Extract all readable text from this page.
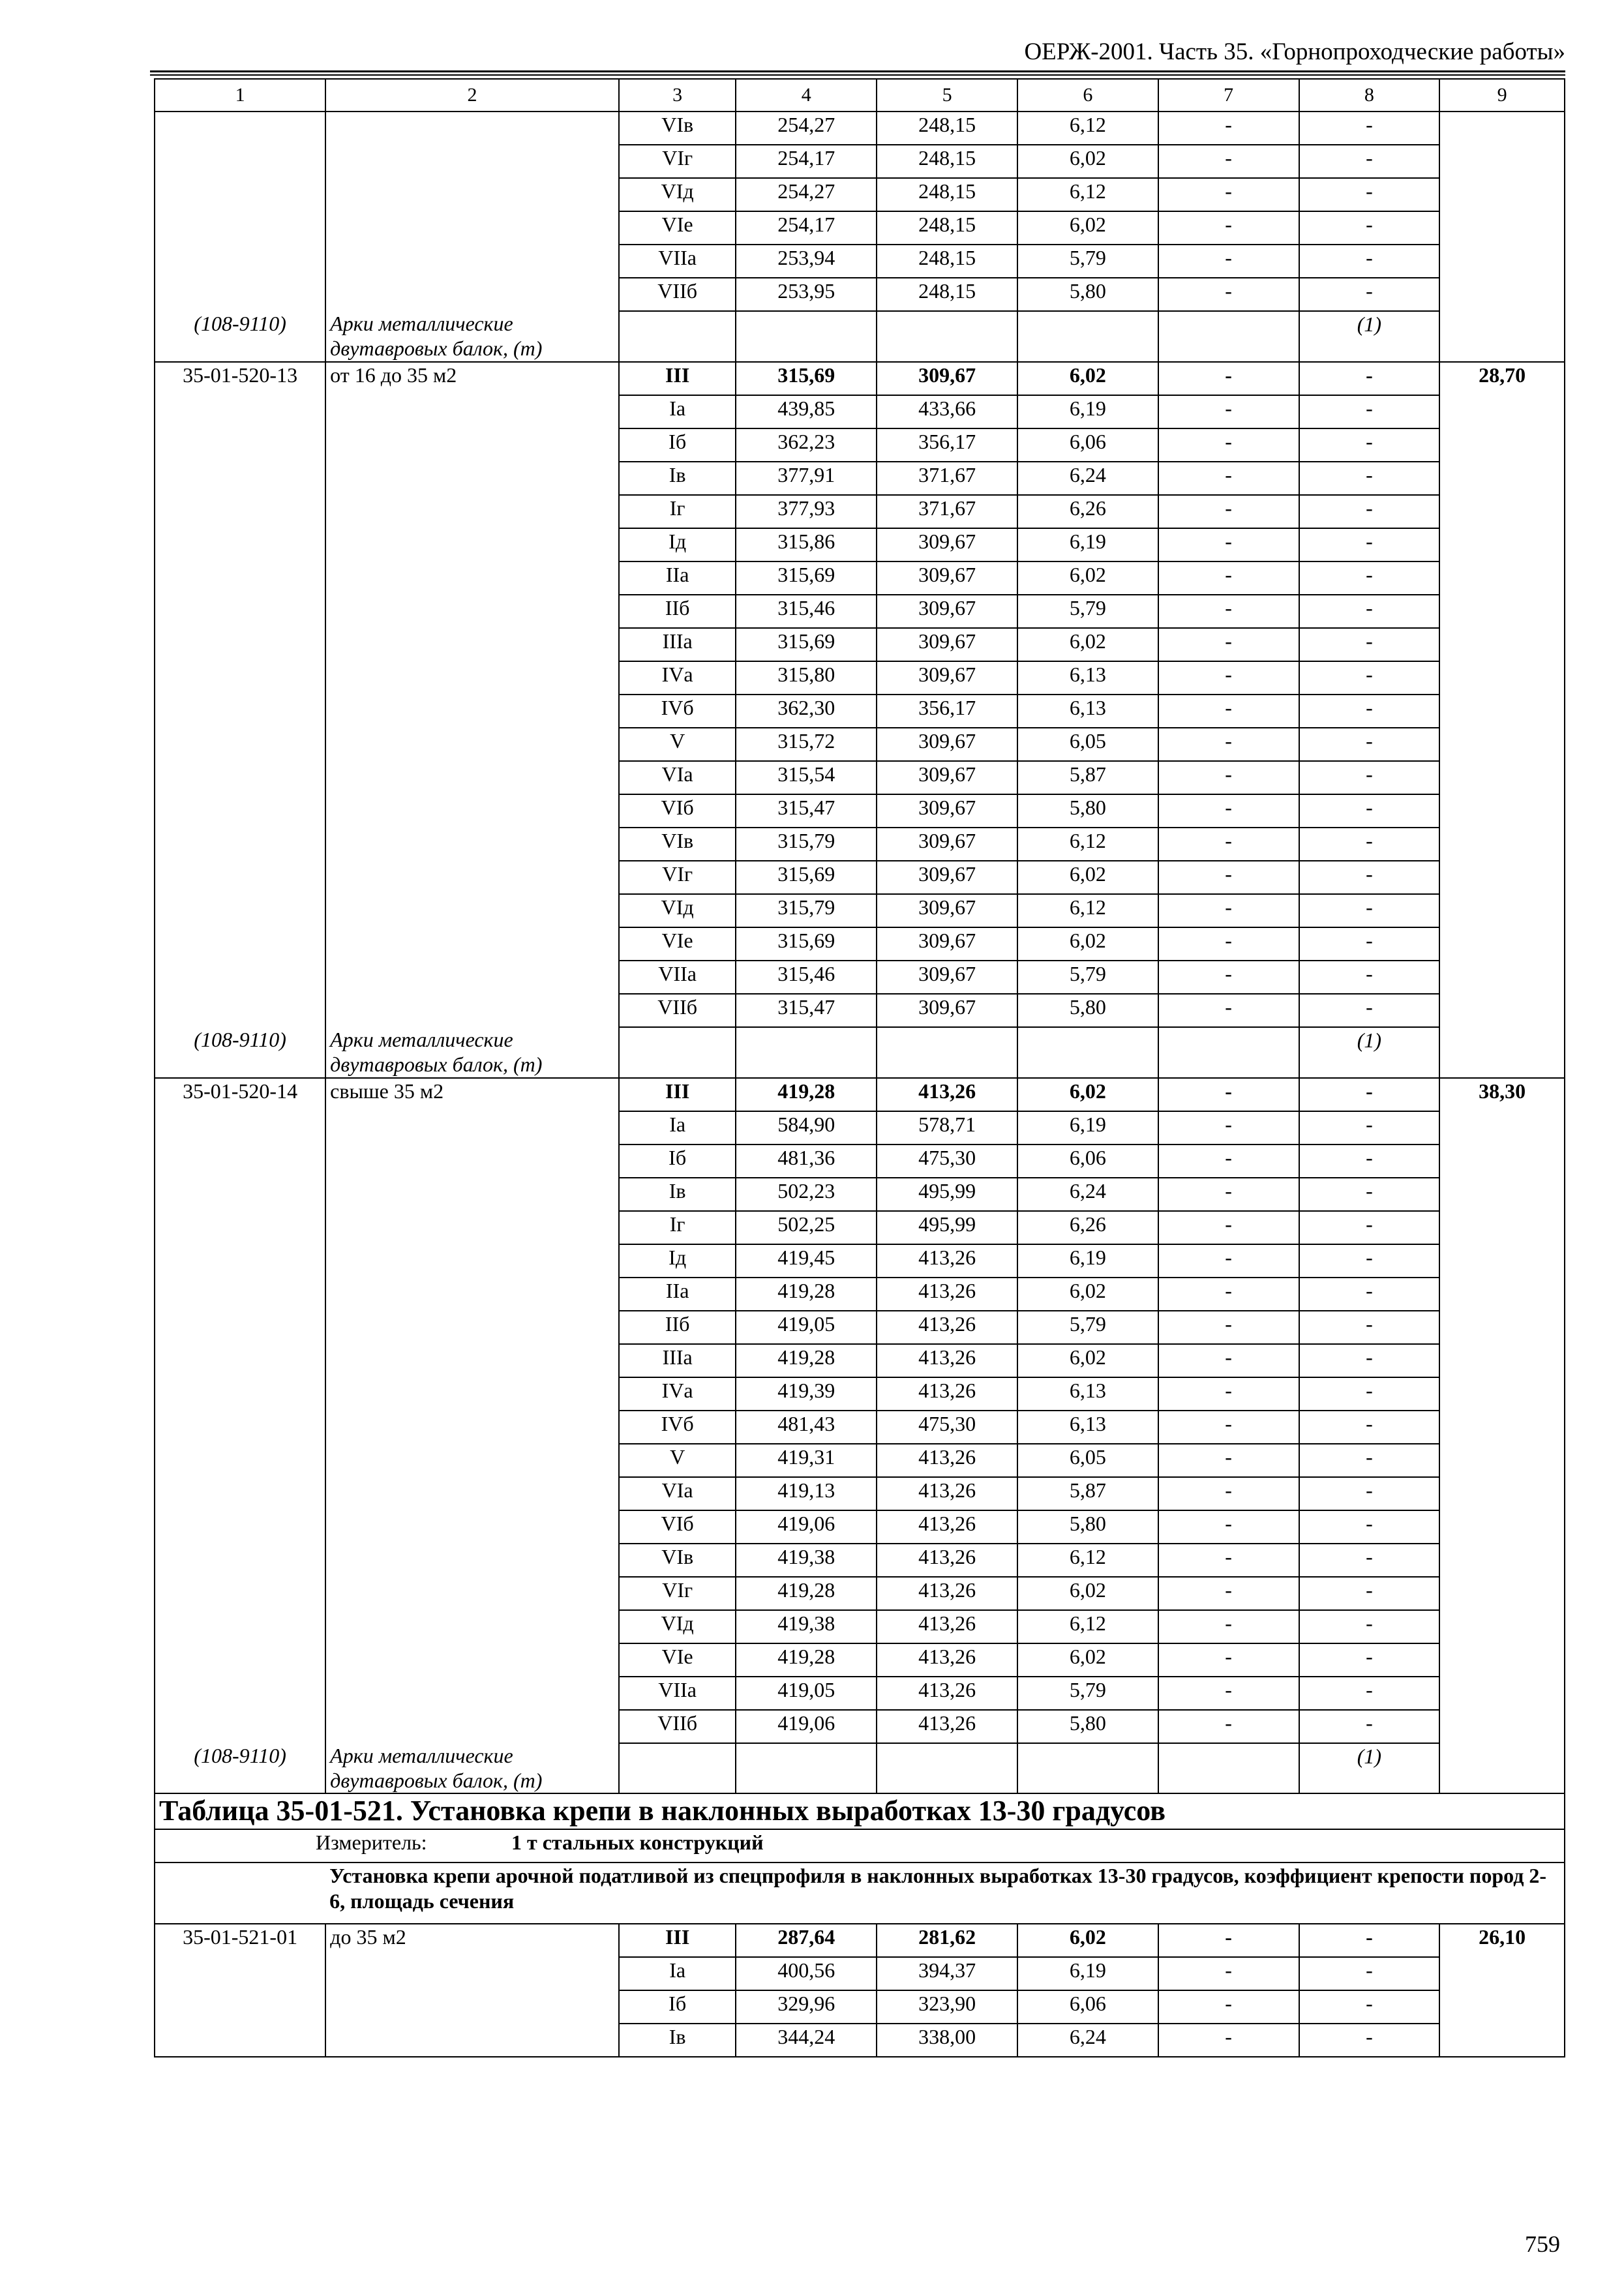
ОЕРЖ-2001. Часть 35. «Горнопроходческие работы»
1	2	3	4	5	6	7	8	9
		VIв	254,27	248,15	6,12	-	-	
		VIг	254,17	248,15	6,02	-	-	
		VIд	254,27	248,15	6,12	-	-	
		VIе	254,17	248,15	6,02	-	-	
		VIIа	253,94	248,15	5,79	-	-	
		VIIб	253,95	248,15	5,80	-	-	
(108-9110)	Арки металлические двутавровых балок, (т)						(1)	
35-01-520-13	от 16 до 35 м2	III	315,69	309,67	6,02	-	-	28,70
		Iа	439,85	433,66	6,19	-	-	
		Iб	362,23	356,17	6,06	-	-	
		Iв	377,91	371,67	6,24	-	-	
		Iг	377,93	371,67	6,26	-	-	
		Iд	315,86	309,67	6,19	-	-	
		IIа	315,69	309,67	6,02	-	-	
		IIб	315,46	309,67	5,79	-	-	
		IIIа	315,69	309,67	6,02	-	-	
		IVа	315,80	309,67	6,13	-	-	
		IVб	362,30	356,17	6,13	-	-	
		V	315,72	309,67	6,05	-	-	
		VIа	315,54	309,67	5,87	-	-	
		VIб	315,47	309,67	5,80	-	-	
		VIв	315,79	309,67	6,12	-	-	
		VIг	315,69	309,67	6,02	-	-	
		VIд	315,79	309,67	6,12	-	-	
		VIе	315,69	309,67	6,02	-	-	
		VIIа	315,46	309,67	5,79	-	-	
		VIIб	315,47	309,67	5,80	-	-	
(108-9110)	Арки металлические двутавровых балок, (т)						(1)	
35-01-520-14	свыше 35 м2	III	419,28	413,26	6,02	-	-	38,30
		Iа	584,90	578,71	6,19	-	-	
		Iб	481,36	475,30	6,06	-	-	
		Iв	502,23	495,99	6,24	-	-	
		Iг	502,25	495,99	6,26	-	-	
		Iд	419,45	413,26	6,19	-	-	
		IIа	419,28	413,26	6,02	-	-	
		IIб	419,05	413,26	5,79	-	-	
		IIIа	419,28	413,26	6,02	-	-	
		IVа	419,39	413,26	6,13	-	-	
		IVб	481,43	475,30	6,13	-	-	
		V	419,31	413,26	6,05	-	-	
		VIа	419,13	413,26	5,87	-	-	
		VIб	419,06	413,26	5,80	-	-	
		VIв	419,38	413,26	6,12	-	-	
		VIг	419,28	413,26	6,02	-	-	
		VIд	419,38	413,26	6,12	-	-	
		VIе	419,28	413,26	6,02	-	-	
		VIIа	419,05	413,26	5,79	-	-	
		VIIб	419,06	413,26	5,80	-	-	
(108-9110)	Арки металлические двутавровых балок, (т)						(1)	
Таблица 35-01-521. Установка крепи в наклонных выработках 13-30 градусов								
Измеритель: 1 т стальных конструкций								
	Установка крепи арочной податливой из спецпрофиля в наклонных выработках 13-30 градусов, коэффициент крепости пород 2-6, площадь сечения							
35-01-521-01	до 35 м2	III	287,64	281,62	6,02	-	-	26,10
		Iа	400,56	394,37	6,19	-	-	
		Iб	329,96	323,90	6,06	-	-	
		Iв	344,24	338,00	6,24	-	-	
759
